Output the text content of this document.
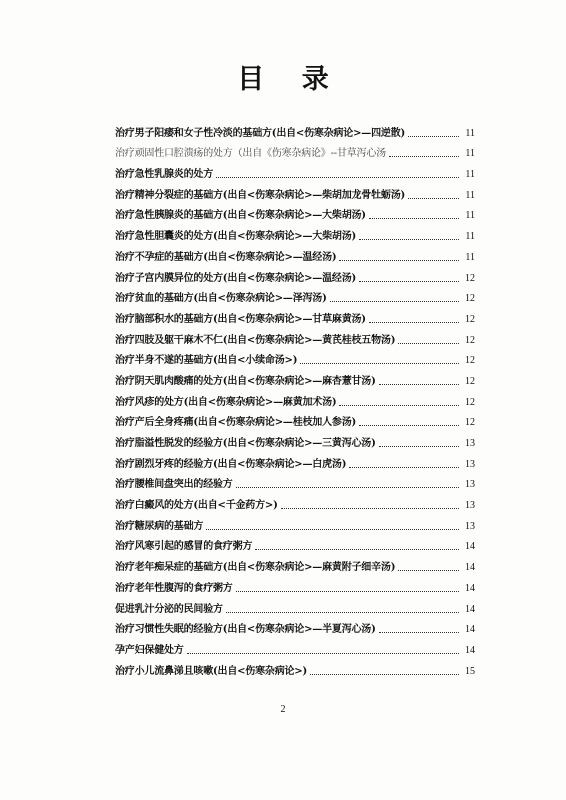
目 录
治疗男子阳痿和女子性冷淡的基础方(出自<伤寒杂病论>—四逆散)	11
治疗顽固性口腔溃疡的处方（出自《伤寒杂病论》--甘草泻心汤	11
治疗急性乳腺炎的处方	11
治疗精神分裂症的基础方(出自<伤寒杂病论>—柴胡加龙骨牡蛎汤)	11
治疗急性胰腺炎的基础方(出自<伤寒杂病论>—大柴胡汤)	11
治疗急性胆囊炎的处方(出自<伤寒杂病论>—大柴胡汤)	11
治疗不孕症的基础方(出自<伤寒杂病论>—温经汤)	11
治疗子宫内膜异位的处方(出自<伤寒杂病论>—温经汤)	12
治疗贫血的基础方(出自<伤寒杂病论>—泽泻汤)	12
治疗脑部积水的基础方(出自<伤寒杂病论>—甘草麻黄汤)	12
治疗四肢及躯干麻木不仁(出自<伤寒杂病论>—黄芪桂枝五物汤)	12
治疗半身不遂的基础方(出自<小续命汤>)	12
治疗阴天肌肉酸痛的处方(出自<伤寒杂病论>—麻杏薏甘汤)	12
治疗风疹的处方(出自<伤寒杂病论>—麻黄加术汤)	12
治疗产后全身疼痛(出自<伤寒杂病论>—桂枝加人参汤)	12
治疗脂溢性脱发的经验方(出自<伤寒杂病论>—三黄泻心汤)	13
治疗剧烈牙疼的经验方(出自<伤寒杂病论>—白虎汤)	13
治疗腰椎间盘突出的经验方	13
治疗白癜风的处方(出自<千金药方>)	13
治疗糖尿病的基础方	13
治疗风寒引起的感冒的食疗粥方	14
治疗老年痴呆症的基础方(出自<伤寒杂病论>—麻黄附子细辛汤)	14
治疗老年性腹泻的食疗粥方	14
促进乳汁分泌的民间验方	14
治疗习惯性失眠的经验方(出自<伤寒杂病论>—半夏泻心汤)	14
孕产妇保健处方	14
治疗小儿流鼻涕且咳嗽(出自<伤寒杂病论>)	15
2
